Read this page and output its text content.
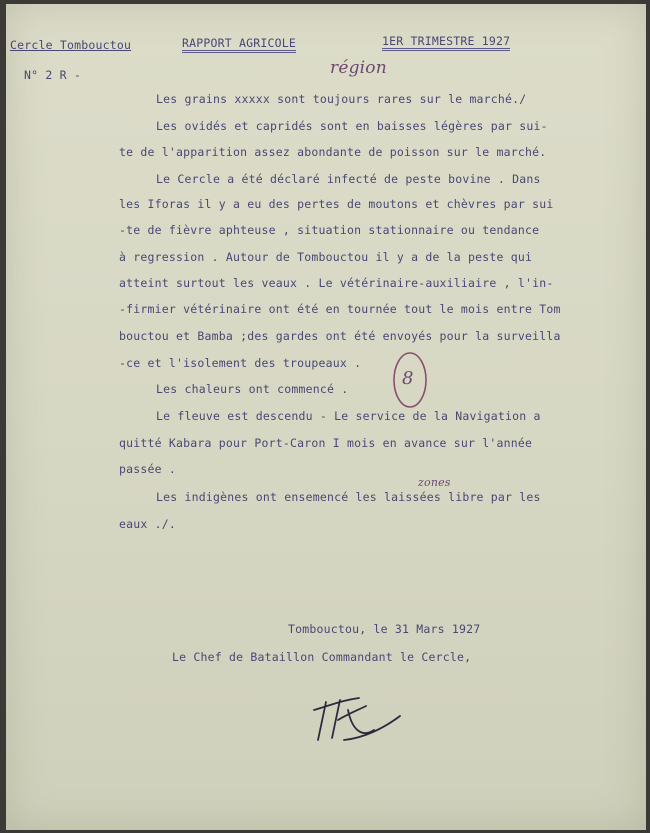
Cercle Tombouctou	RAPPORT AGRICOLE	1ER TRIMESTRE 1927
N° 2 R -	région
Les grains xxxxx sont toujours rares sur le marché./
Les ovidés et capridés sont en baisses légères par sui-
te de l'apparition assez abondante de poisson sur le marché.
Le Cercle a été déclaré infecté de peste bovine . Dans
les Iforas il y a eu des pertes de moutons et chèvres par sui
-te de fièvre aphteuse , situation stationnaire ou tendance
à regression . Autour de Tombouctou il y a de la peste qui
atteint surtout les veaux . Le vétérinaire-auxiliaire , l'in-
-firmier vétérinaire ont été en tournée tout le mois entre Tom
bouctou et Bamba ;des gardes ont été envoyés pour la surveilla
-ce et l'isolement des troupeaux .
Les chaleurs ont commencé .
Le fleuve est descendu - Le service de la Navigation a
quitté Kabara pour Port-Caron I mois en avance sur l'année
passée .
Les indigènes ont ensemencé les laissées libre par les
eaux ./.
8
zones
Tombouctou, le 31 Mars 1927
Le Chef de Bataillon Commandant le Cercle,
